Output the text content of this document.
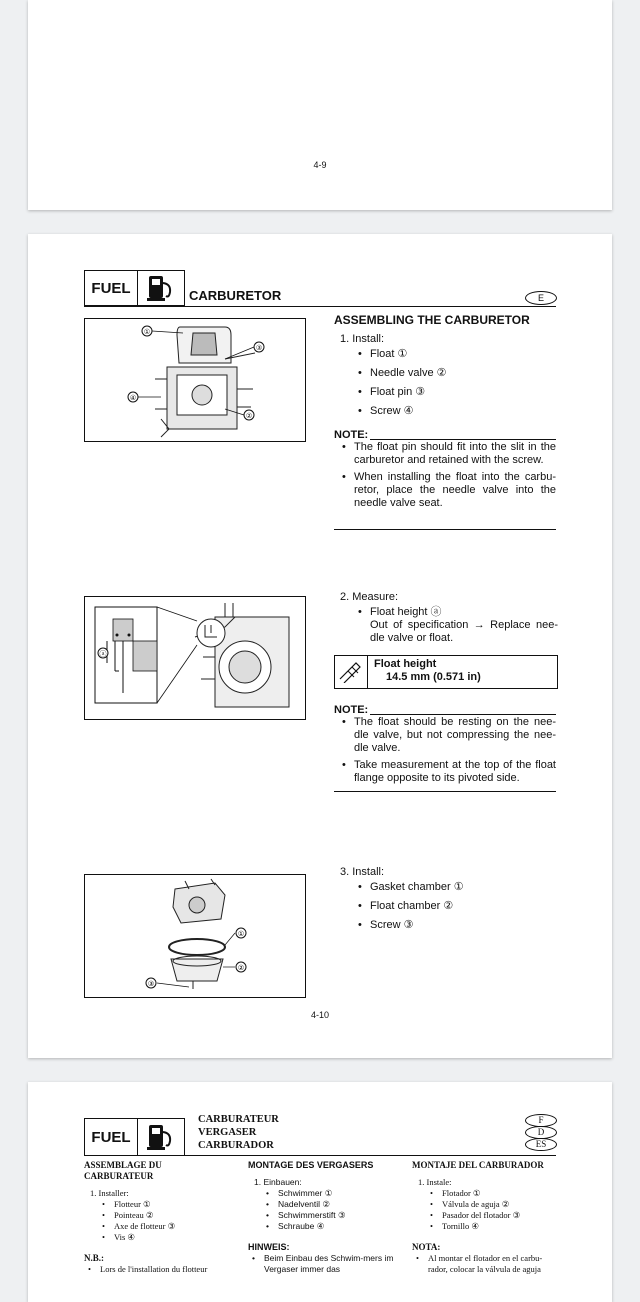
4-9
FUEL	CARBURETOR	E
①
②
③
④
ASSEMBLING THE CARBURETOR
1. Install:
• Float ①
• Needle valve ②
• Float pin ③
• Screw ④
NOTE:
• The float pin should fit into the slit in the carburetor and retained with the screw.
• When installing the float into the carbu-retor, place the needle valve into the needle valve seat.
ⓐ
2. Measure:
• Float height ⓐ
Out of specification → Replace nee-dle valve or float.
Float height
14.5 mm (0.571 in)
NOTE:
• The float should be resting on the nee-dle valve, but not compressing the nee-dle valve.
• Take measurement at the top of the float flange opposite to its pivoted side.
①
②
③
3. Install:
• Gasket chamber ①
• Float chamber ②
• Screw ③
4-10
FUEL
CARBURATEUR
VERGASER
CARBURADOR
F
D
ES
ASSEMBLAGE DU CARBURATEUR
1. Installer:
• Flotteur ①
• Pointeau ②
• Axe de flotteur ③
• Vis ④
N.B.:
• Lors de l'installation du flotteur
MONTAGE DES VERGASERS
1. Einbauen:
• Schwimmer ①
• Nadelventil ②
• Schwimmerstift ③
• Schraube ④
HINWEIS:
• Beim Einbau des Schwim-mers im Vergaser immer das
MONTAJE DEL CARBURADOR
1. Instale:
• Flotador ①
• Válvula de aguja ②
• Pasador del flotador ③
• Tornillo ④
NOTA:
• Al montar el flotador en el carbu-rador, colocar la válvula de aguja
